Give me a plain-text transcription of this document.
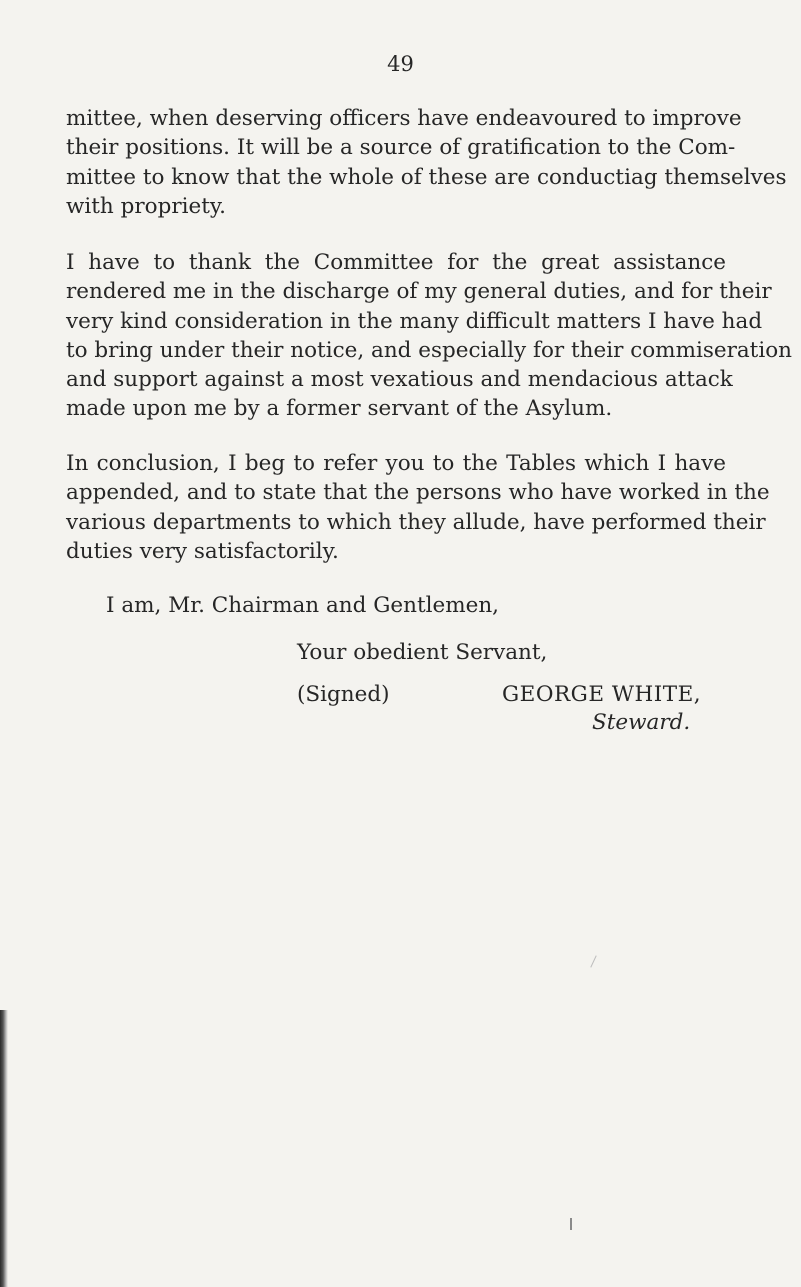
49

mittee, when deserving officers have endeavoured to improve
their positions. It will be a source of gratification to the Com-
mittee to know that the whole of these are conductiag themselves
with propriety.

I have to thank the Committee for the great assistance
rendered me in the discharge of my general duties, and for their
very kind consideration in the many difficult matters I have had
to bring under their notice, and especially for their commiseration
and support against a most vexatious and mendacious attack
made upon me by a former servant of the Asylum.

In conclusion, I beg to refer you to the Tables which I have
appended, and to state that the persons who have worked in the
various departments to which they allude, have performed their
duties very satisfactorily.

I am, Mr. Chairman and Gentlemen,
Your obedient Servant,
(Signed)	GEORGE WHITE,
Steward.
